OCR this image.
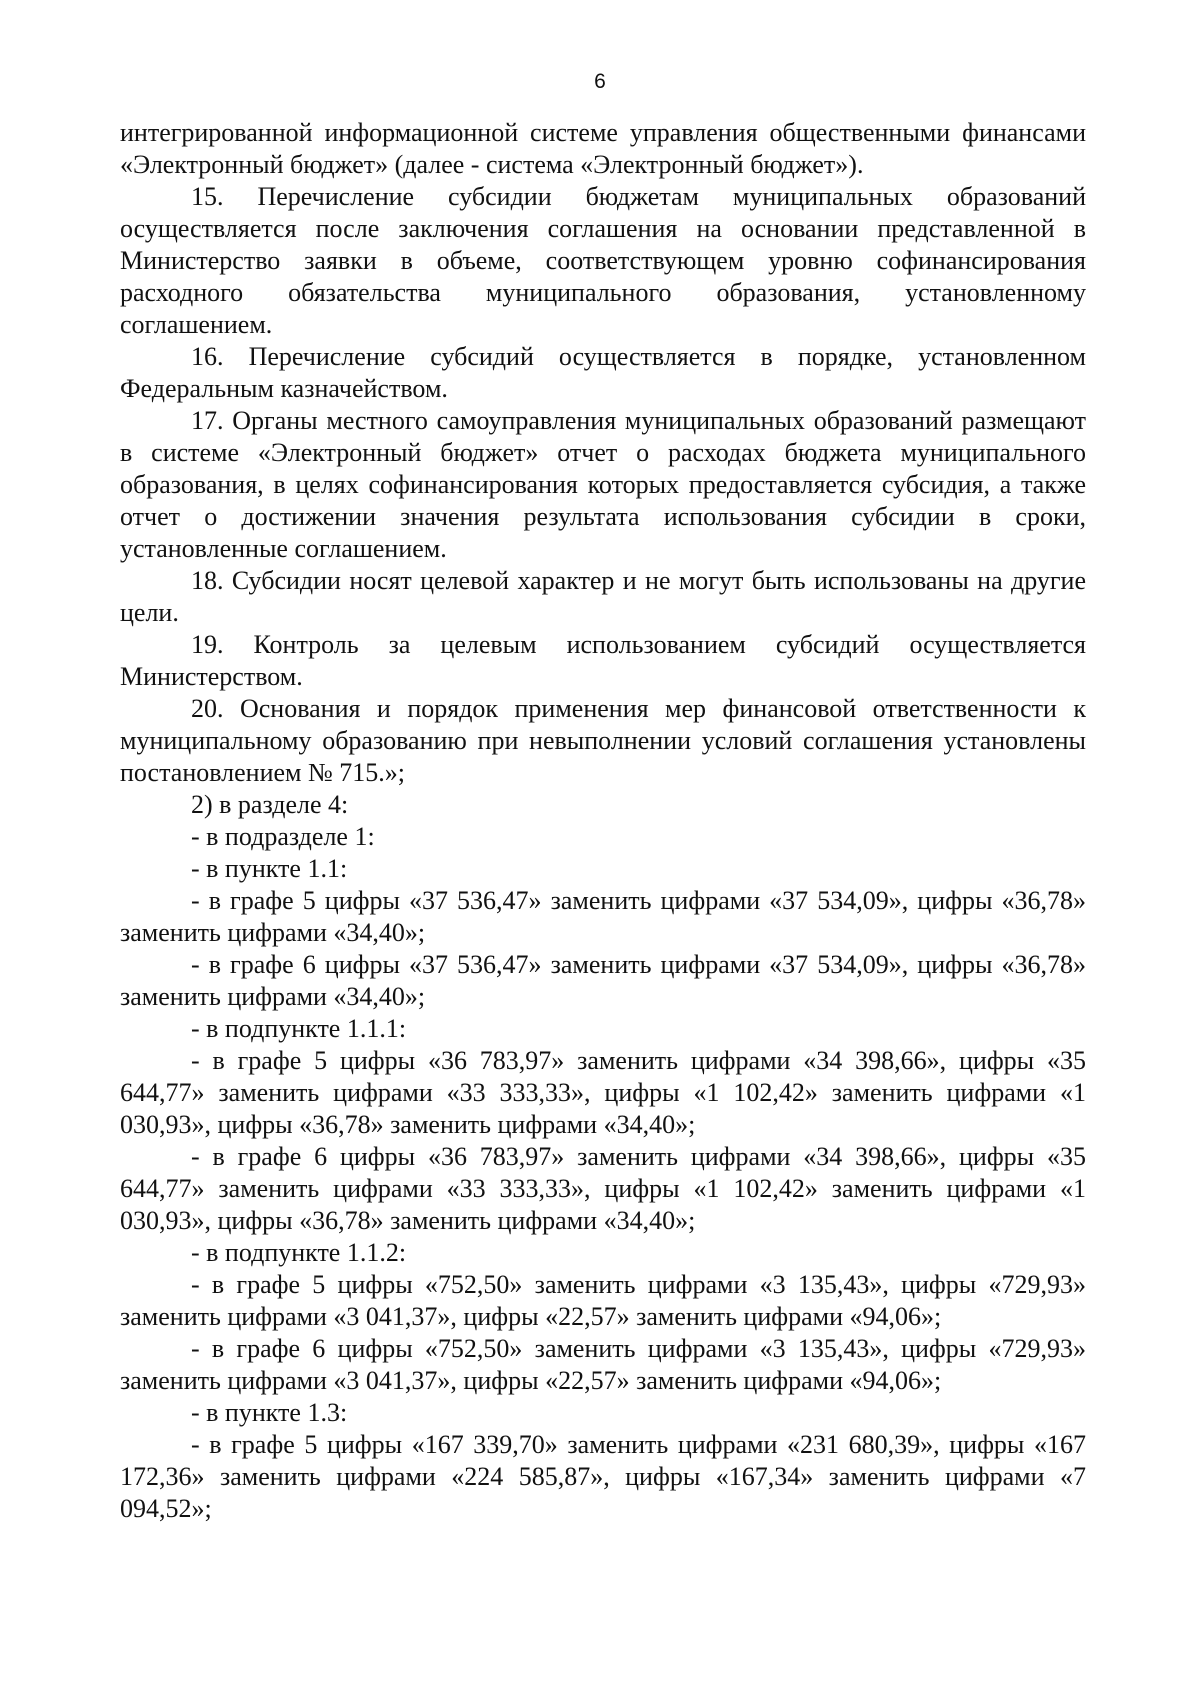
6

интегрированной информационной системе управления общественными финансами «Электронный бюджет» (далее - система «Электронный бюджет»).

15. Перечисление субсидии бюджетам муниципальных образований осуществляется после заключения соглашения на основании представленной в Министерство заявки в объеме, соответствующем уровню софинансирования расходного обязательства муниципального образования, установленному соглашением.

16. Перечисление субсидий осуществляется в порядке, установленном Федеральным казначейством.

17. Органы местного самоуправления муниципальных образований размещают в системе «Электронный бюджет» отчет о расходах бюджета муниципального образования, в целях софинансирования которых предоставляется субсидия, а также отчет о достижении значения результата использования субсидии в сроки, установленные соглашением.

18. Субсидии носят целевой характер и не могут быть использованы на другие цели.

19. Контроль за целевым использованием субсидий осуществляется Министерством.

20. Основания и порядок применения мер финансовой ответственности к муниципальному образованию при невыполнении условий соглашения установлены постановлением № 715.»;

2) в разделе 4:

- в подразделе 1:

- в пункте 1.1:

- в графе 5 цифры «37 536,47» заменить цифрами «37 534,09», цифры «36,78» заменить цифрами «34,40»;

- в графе 6 цифры «37 536,47» заменить цифрами «37 534,09», цифры «36,78» заменить цифрами «34,40»;

- в подпункте 1.1.1:

- в графе 5 цифры «36 783,97» заменить цифрами «34 398,66», цифры «35 644,77» заменить цифрами «33 333,33», цифры «1 102,42» заменить цифрами «1 030,93», цифры «36,78» заменить цифрами «34,40»;

- в графе 6 цифры «36 783,97» заменить цифрами «34 398,66», цифры «35 644,77» заменить цифрами «33 333,33», цифры «1 102,42» заменить цифрами «1 030,93», цифры «36,78» заменить цифрами «34,40»;

- в подпункте 1.1.2:

- в графе 5 цифры «752,50» заменить цифрами «3 135,43», цифры «729,93» заменить цифрами «3 041,37», цифры «22,57» заменить цифрами «94,06»;

- в графе 6 цифры «752,50» заменить цифрами «3 135,43», цифры «729,93» заменить цифрами «3 041,37», цифры «22,57» заменить цифрами «94,06»;

- в пункте 1.3:

- в графе 5 цифры «167 339,70» заменить цифрами «231 680,39», цифры «167 172,36» заменить цифрами «224 585,87», цифры «167,34» заменить цифрами «7 094,52»;
